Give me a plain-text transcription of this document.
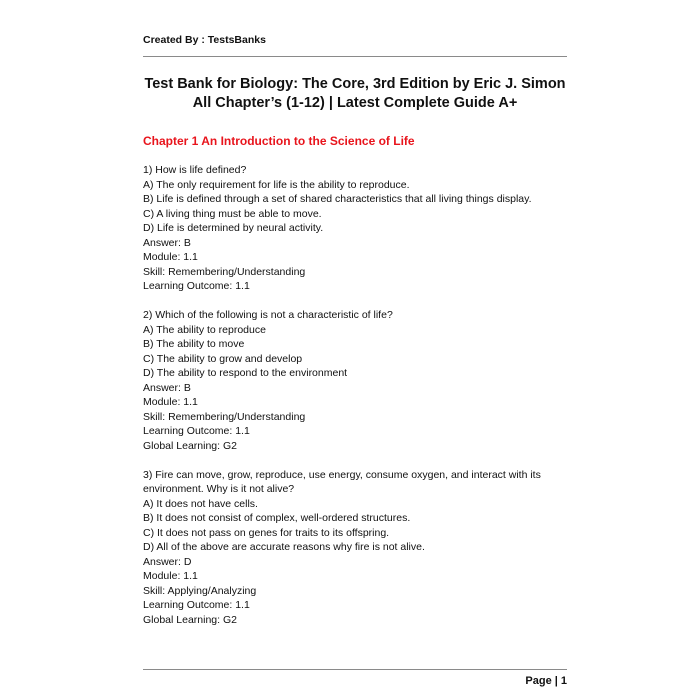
Created By : TestsBanks
Test Bank for Biology: The Core, 3rd Edition by Eric J. Simon
All Chapter’s (1-12) | Latest Complete Guide A+
Chapter 1 An Introduction to the Science of Life
1) How is life defined?
A) The only requirement for life is the ability to reproduce.
B) Life is defined through a set of shared characteristics that all living things display.
C) A living thing must be able to move.
D) Life is determined by neural activity.
Answer: B
Module: 1.1
Skill: Remembering/Understanding
Learning Outcome: 1.1
2) Which of the following is not a characteristic of life?
A) The ability to reproduce
B) The ability to move
C) The ability to grow and develop
D) The ability to respond to the environment
Answer: B
Module: 1.1
Skill: Remembering/Understanding
Learning Outcome: 1.1
Global Learning: G2
3) Fire can move, grow, reproduce, use energy, consume oxygen, and interact with its
environment. Why is it not alive?
A) It does not have cells.
B) It does not consist of complex, well-ordered structures.
C) It does not pass on genes for traits to its offspring.
D) All of the above are accurate reasons why fire is not alive.
Answer: D
Module: 1.1
Skill: Applying/Analyzing
Learning Outcome: 1.1
Global Learning: G2
Page | 1
